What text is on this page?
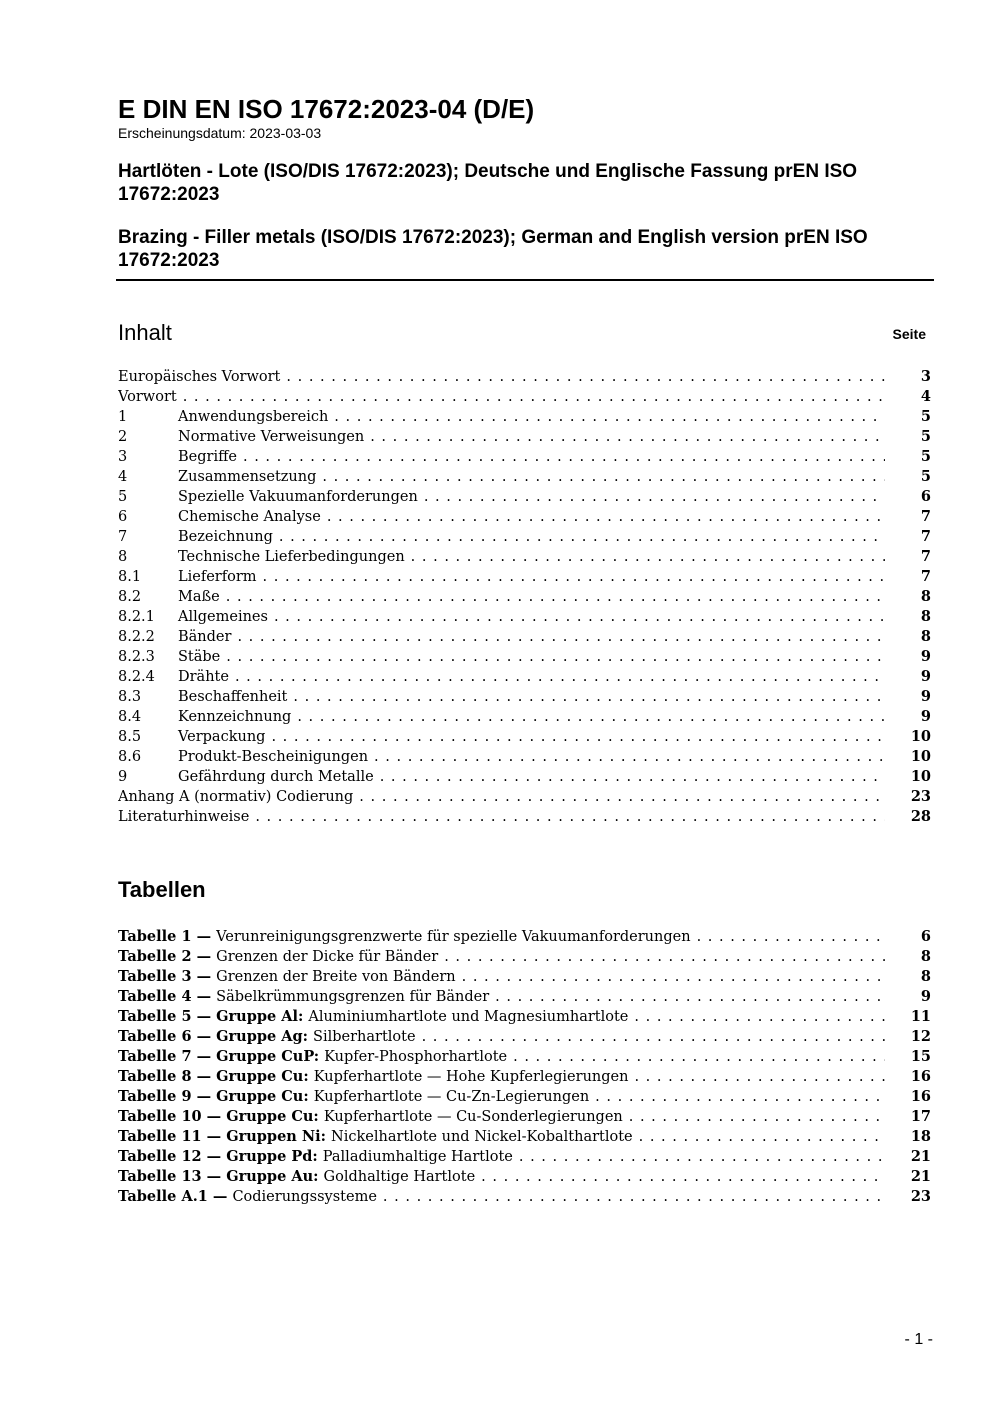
E DIN EN ISO 17672:2023-04 (D/E)
Erscheinungsdatum: 2023-03-03
Hartlöten - Lote (ISO/DIS 17672:2023); Deutsche und Englische Fassung prEN ISO 17672:2023
Brazing - Filler metals (ISO/DIS 17672:2023); German and English version prEN ISO 17672:2023
Inhalt	Seite
Europäisches Vorwort . . .	3
Vorwort . . .	4
1	Anwendungsbereich . . .	5
2	Normative Verweisungen . . .	5
3	Begriffe . . .	5
4	Zusammensetzung . . .	5
5	Spezielle Vakuumanforderungen . . .	6
6	Chemische Analyse . . .	7
7	Bezeichnung . . .	7
8	Technische Lieferbedingungen . . .	7
8.1	Lieferform . . .	7
8.2	Maße . . .	8
8.2.1	Allgemeines . . .	8
8.2.2	Bänder . . .	8
8.2.3	Stäbe . . .	9
8.2.4	Drähte . . .	9
8.3	Beschaffenheit . . .	9
8.4	Kennzeichnung . . .	9
8.5	Verpackung . . .	10
8.6	Produkt-Bescheinigungen . . .	10
9	Gefährdung durch Metalle . . .	10
Anhang A (normativ) Codierung . . .	23
Literaturhinweise . . .	28
Tabellen
Tabelle 1 — Verunreinigungsgrenzwerte für spezielle Vakuumanforderungen . . .	6
Tabelle 2 — Grenzen der Dicke für Bänder . . .	8
Tabelle 3 — Grenzen der Breite von Bändern . . .	8
Tabelle 4 — Säbelkrümmungsgrenzen für Bänder . . .	9
Tabelle 5 — Gruppe Al: Aluminiumhartlote und Magnesiumhartlote . . .	11
Tabelle 6 — Gruppe Ag: Silberhartlote . . .	12
Tabelle 7 — Gruppe CuP: Kupfer-Phosphorhartlote . . .	15
Tabelle 8 — Gruppe Cu: Kupferhartlote — Hohe Kupferlegierungen . . .	16
Tabelle 9 — Gruppe Cu: Kupferhartlote — Cu-Zn-Legierungen . . .	16
Tabelle 10 — Gruppe Cu: Kupferhartlote — Cu-Sonderlegierungen . . .	17
Tabelle 11 — Gruppen Ni: Nickelhartlote und Nickel-Kobalthartlote . . .	18
Tabelle 12 — Gruppe Pd: Palladiumhaltige Hartlote . . .	21
Tabelle 13 — Gruppe Au: Goldhaltige Hartlote . . .	21
Tabelle A.1 — Codierungssysteme . . .	23
- 1 -
